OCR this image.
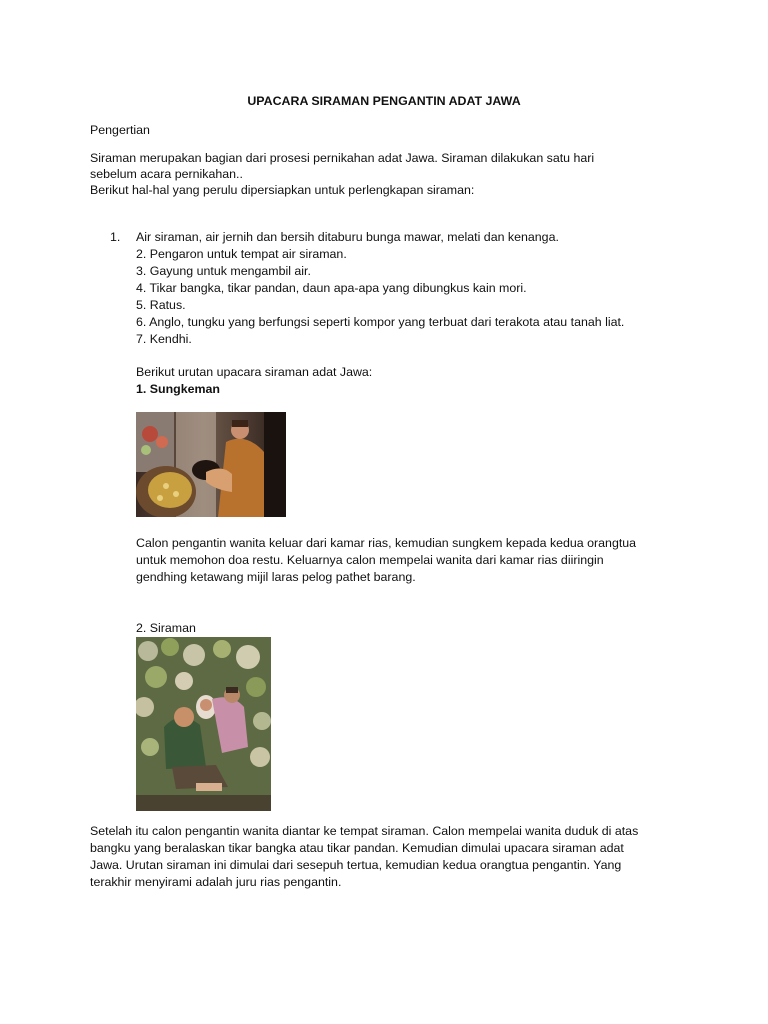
UPACARA SIRAMAN PENGANTIN ADAT JAWA
Pengertian
Siraman merupakan bagian dari prosesi pernikahan adat Jawa. Siraman dilakukan satu hari
sebelum acara pernikahan..
Berikut hal-hal yang perulu dipersiapkan untuk perlengkapan siraman:
1. Air siraman, air jernih dan bersih ditaburu bunga mawar, melati dan kenanga.
2. Pengaron untuk tempat air siraman.
3. Gayung untuk mengambil air.
4. Tikar bangka, tikar pandan, daun apa-apa yang dibungkus kain mori.
5. Ratus.
6. Anglo, tungku yang berfungsi seperti kompor yang terbuat dari terakota atau tanah liat.
7. Kendhi.
Berikut urutan upacara siraman adat Jawa:
1. Sungkeman
Calon pengantin wanita keluar dari kamar rias, kemudian sungkem kepada kedua orangtua
untuk memohon doa restu. Keluarnya calon mempelai wanita dari kamar rias diiringin
gendhing ketawang mijil laras pelog pathet barang.
2. Siraman
Setelah itu calon pengantin wanita diantar ke tempat siraman. Calon mempelai wanita duduk di atas
bangku yang beralaskan tikar bangka atau tikar pandan. Kemudian dimulai upacara siraman adat
Jawa. Urutan siraman ini dimulai dari sesepuh tertua, kemudian kedua orangtua pengantin. Yang
terakhir menyirami adalah juru rias pengantin.
